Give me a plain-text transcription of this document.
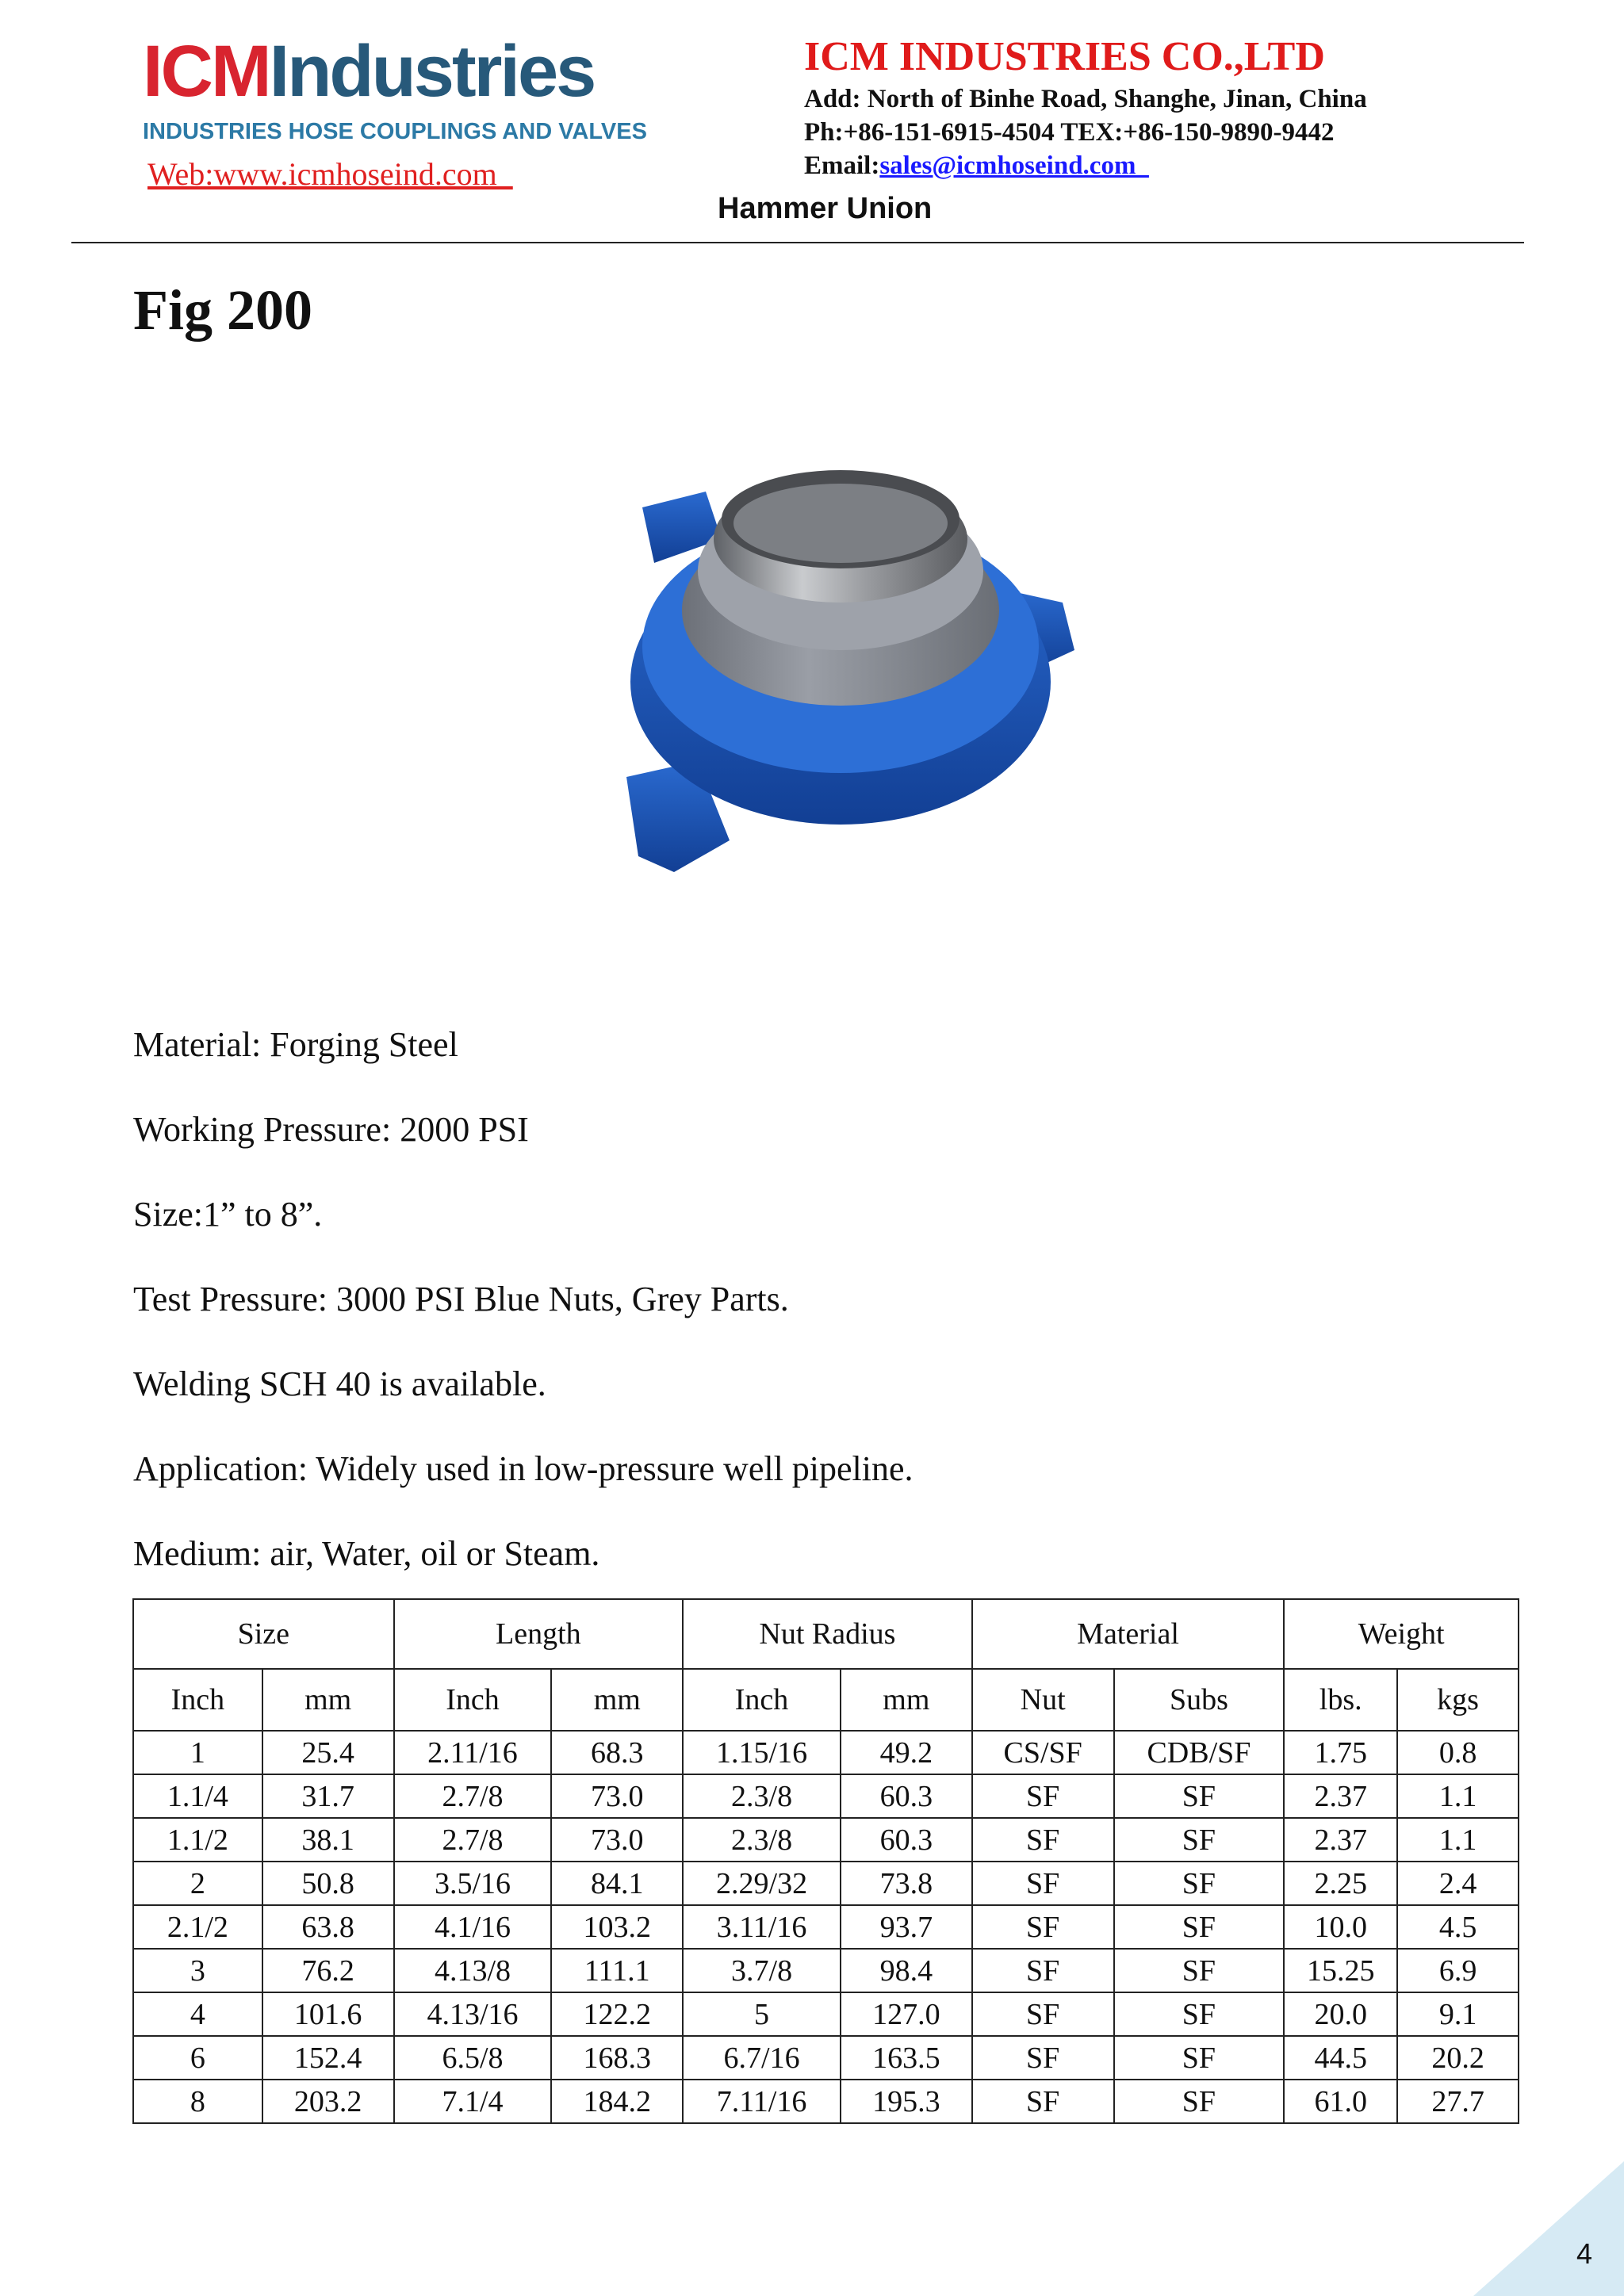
ICMIndustries
INDUSTRIES HOSE COUPLINGS AND VALVES
Web:www.icmhoseind.com
ICM INDUSTRIES CO.,LTD
Add: North of Binhe Road, Shanghe, Jinan, China
Ph:+86-151-6915-4504 TEX:+86-150-9890-9442
Email:sales@icmhoseind.com
Hammer Union
Fig 200
Material: Forging Steel
Working Pressure: 2000 PSI
Size:1” to 8”.
Test Pressure: 3000 PSI Blue Nuts, Grey Parts.
Welding SCH 40 is available.
Application: Widely used in low-pressure well pipeline.
Medium: air, Water, oil or Steam.
Size		Length		Nut Radius		Material		Weight	
Inch	mm	Inch	mm	Inch	mm	Nut	Subs	lbs.	kgs
1	25.4	2.11/16	68.3	1.15/16	49.2	CS/SF	CDB/SF	1.75	0.8
1.1/4	31.7	2.7/8	73.0	2.3/8	60.3	SF	SF	2.37	1.1
1.1/2	38.1	2.7/8	73.0	2.3/8	60.3	SF	SF	2.37	1.1
2	50.8	3.5/16	84.1	2.29/32	73.8	SF	SF	2.25	2.4
2.1/2	63.8	4.1/16	103.2	3.11/16	93.7	SF	SF	10.0	4.5
3	76.2	4.13/8	111.1	3.7/8	98.4	SF	SF	15.25	6.9
4	101.6	4.13/16	122.2	5	127.0	SF	SF	20.0	9.1
6	152.4	6.5/8	168.3	6.7/16	163.5	SF	SF	44.5	20.2
8	203.2	7.1/4	184.2	7.11/16	195.3	SF	SF	61.0	27.7
4
